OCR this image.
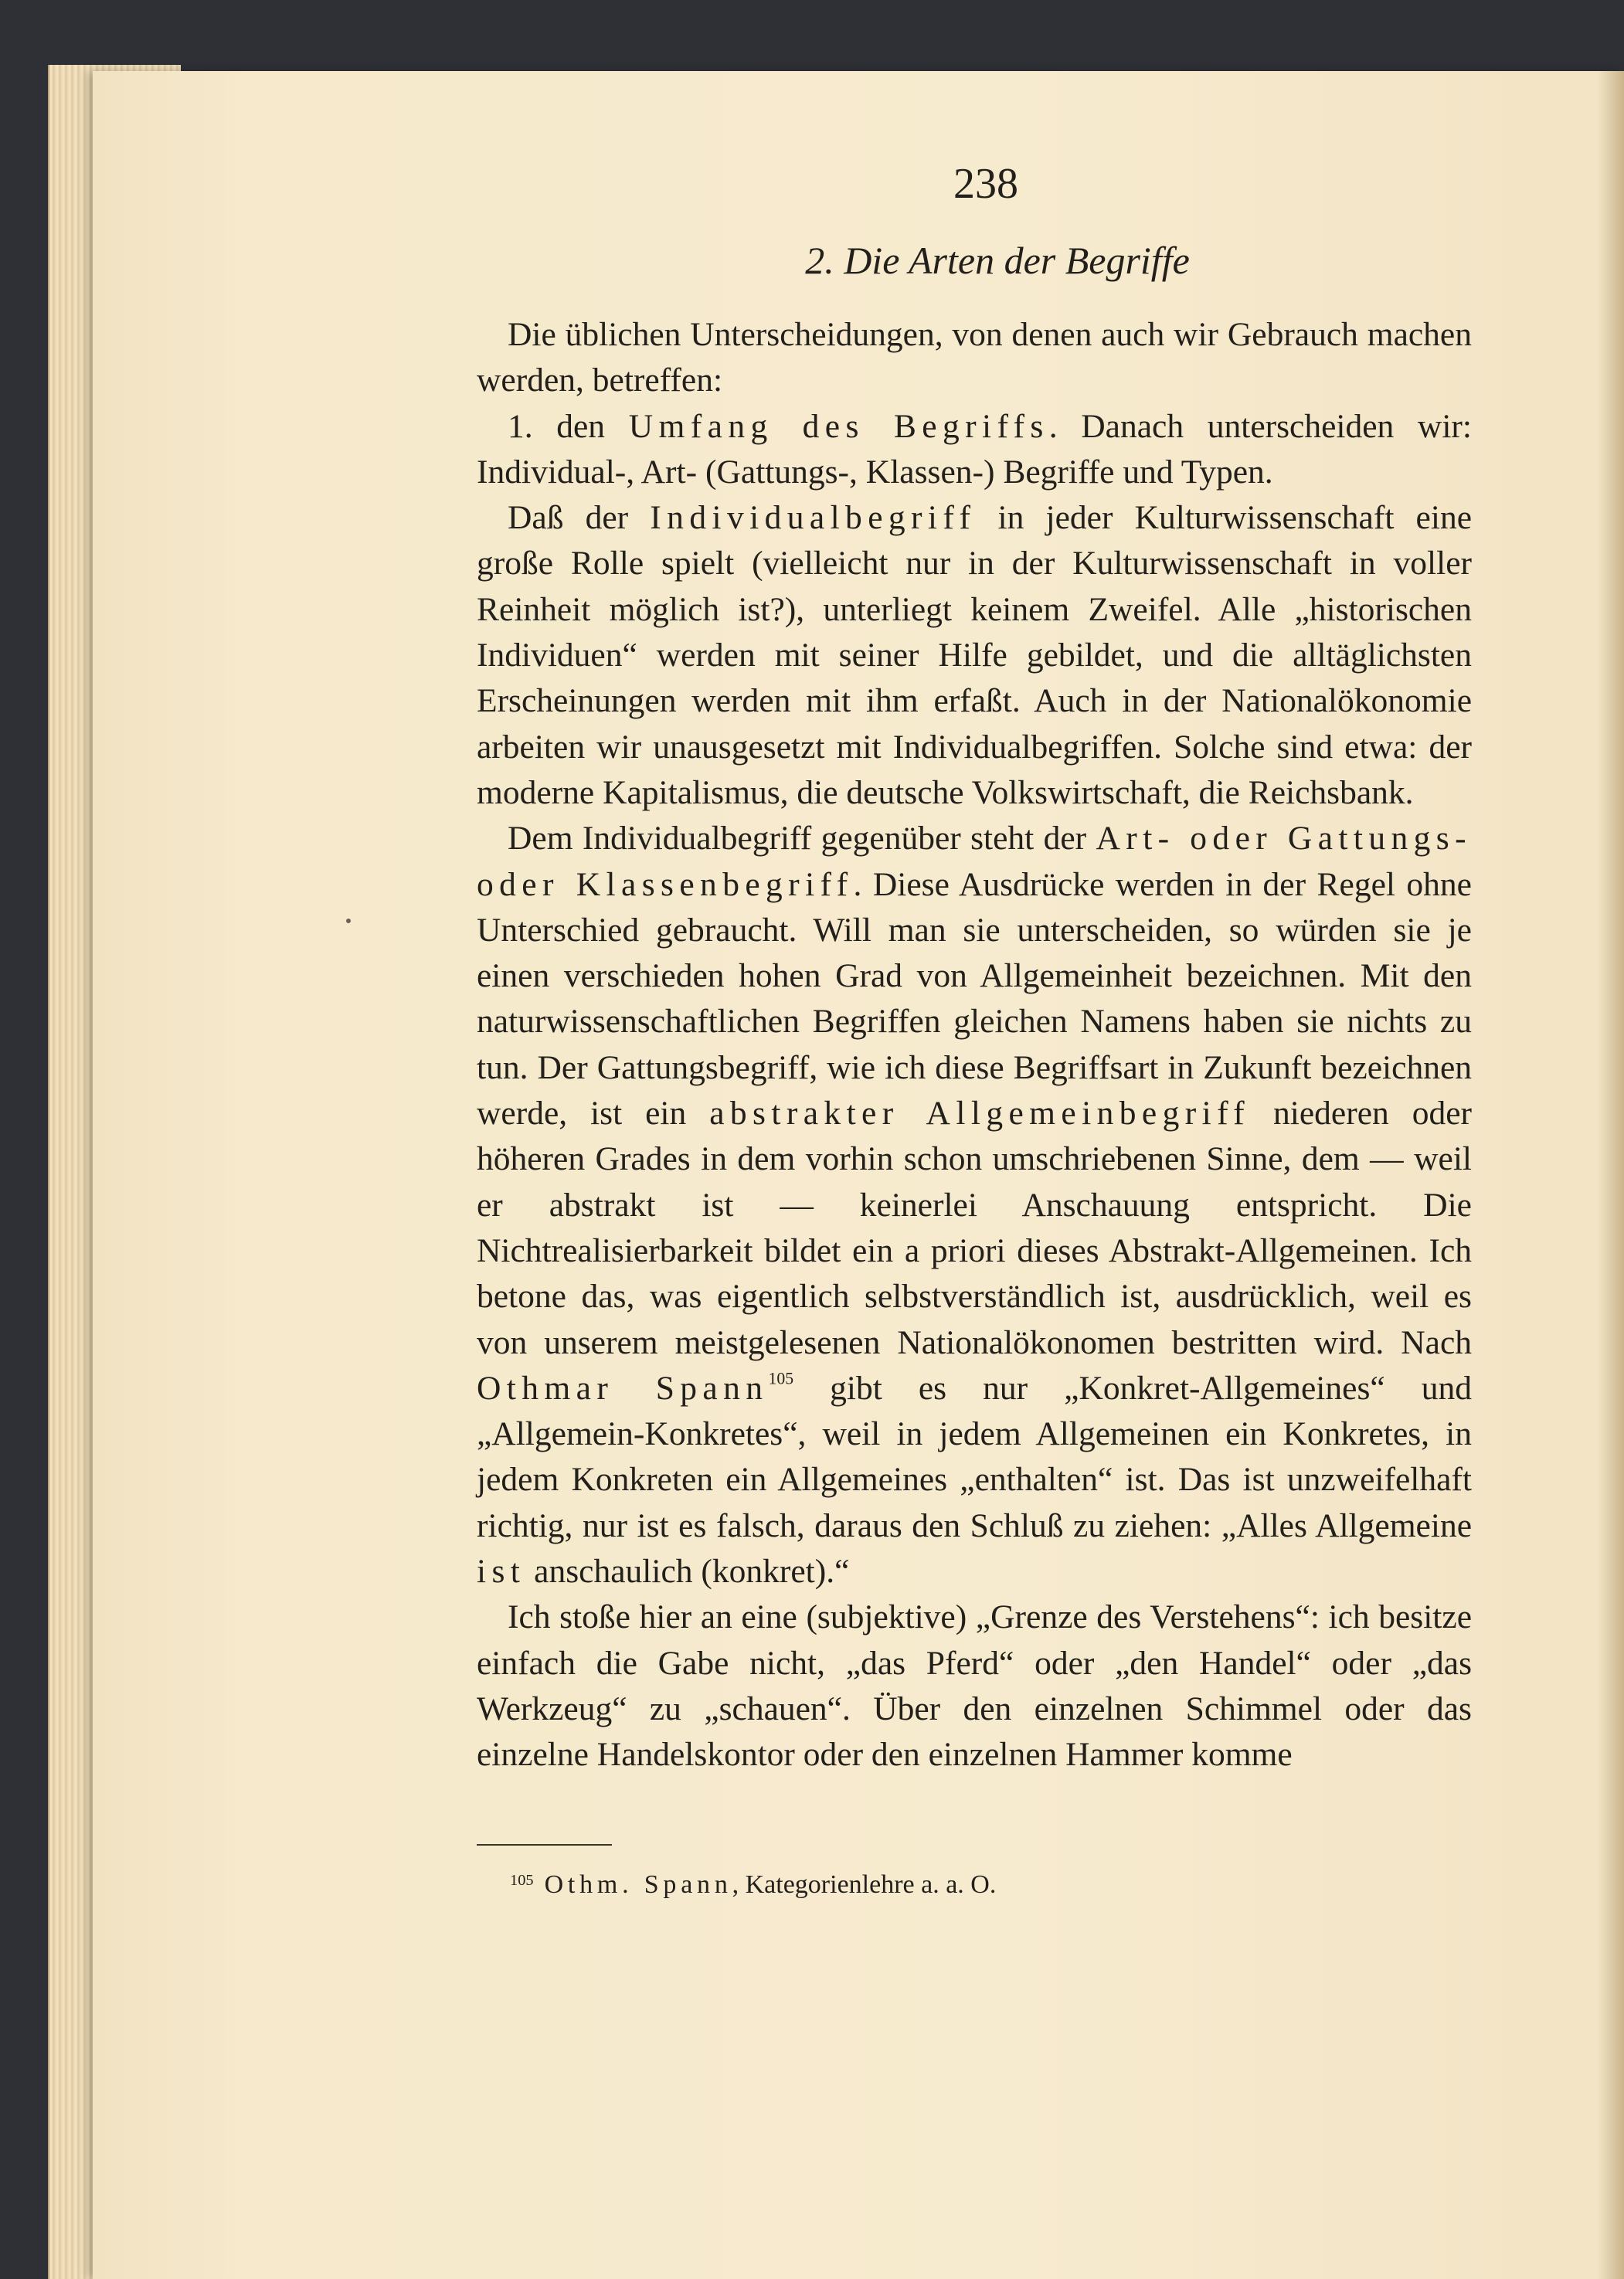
238
2. Die Arten der Begriffe

Die üblichen Unterscheidungen, von denen auch wir Gebrauch machen werden, betreffen:

1. den Umfang des Begriffs. Danach unterscheiden wir: Individual-, Art- (Gattungs-, Klassen-) Begriffe und Typen.

Daß der Individualbegriff in jeder Kulturwissenschaft eine große Rolle spielt (vielleicht nur in der Kulturwissenschaft in voller Reinheit möglich ist?), unterliegt keinem Zweifel. Alle „historischen Individuen“ werden mit seiner Hilfe gebildet, und die alltäglichsten Erscheinungen werden mit ihm erfaßt. Auch in der Nationalökonomie arbeiten wir unausgesetzt mit Individualbegriffen. Solche sind etwa: der moderne Kapitalismus, die deutsche Volkswirtschaft, die Reichsbank.

Dem Individualbegriff gegenüber steht der Art- oder Gattungs- oder Klassenbegriff. Diese Ausdrücke werden in der Regel ohne Unterschied gebraucht. Will man sie unterscheiden, so würden sie je einen verschieden hohen Grad von Allgemeinheit bezeichnen. Mit den naturwissenschaftlichen Begriffen gleichen Namens haben sie nichts zu tun. Der Gattungsbegriff, wie ich diese Begriffsart in Zukunft bezeichnen werde, ist ein abstrakter Allgemeinbegriff niederen oder höheren Grades in dem vorhin schon umschriebenen Sinne, dem — weil er abstrakt ist — keinerlei Anschauung entspricht. Die Nichtrealisierbarkeit bildet ein a priori dieses Abstrakt-Allgemeinen. Ich betone das, was eigentlich selbstverständlich ist, ausdrücklich, weil es von unserem meistgelesenen Nationalökonomen bestritten wird. Nach Othmar Spann$^{105}$ gibt es nur „Konkret-Allgemeines“ und „Allgemein-Konkretes“, weil in jedem Allgemeinen ein Konkretes, in jedem Konkreten ein Allgemeines „enthalten“ ist. Das ist unzweifelhaft richtig, nur ist es falsch, daraus den Schluß zu ziehen: „Alles Allgemeine ist anschaulich (konkret).“

Ich stoße hier an eine (subjektive) „Grenze des Verstehens“: ich besitze einfach die Gabe nicht, „das Pferd“ oder „den Handel“ oder „das Werkzeug“ zu „schauen“. Über den einzelnen Schimmel oder das einzelne Handelskontor oder den einzelnen Hammer komme

$^{105}$ Othm. Spann, Kategorienlehre a. a. O.
